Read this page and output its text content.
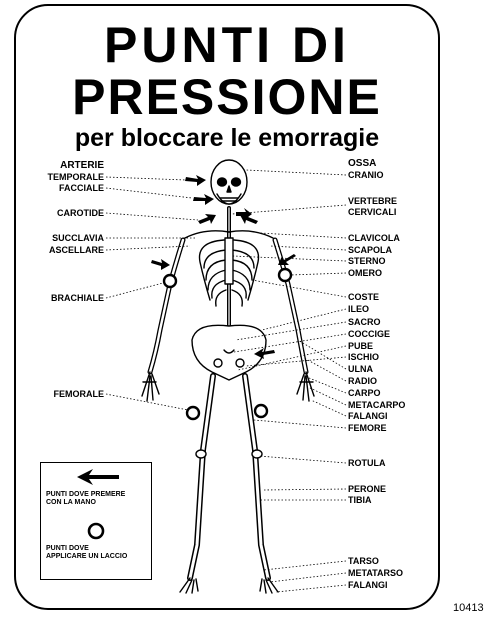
PUNTI DI
PRESSIONE
per bloccare le emorragie
ARTERIE
TEMPORALE
FACCIALE
CAROTIDE
SUCCLAVIA
ASCELLARE
BRACHIALE
FEMORALE
OSSA
CRANIO
VERTEBRE
CERVICALI
CLAVICOLA
SCAPOLA
STERNO
OMERO
COSTE
ILEO
SACRO
COCCIGE
PUBE
ISCHIO
ULNA
RADIO
CARPO
METACARPO
FALANGI
FEMORE
ROTULA
PERONE
TIBIA
TARSO
METATARSO
FALANGI
PUNTI DOVE PREMERE
CON LA MANO
PUNTI DOVE
APPLICARE UN LACCIO
10413
